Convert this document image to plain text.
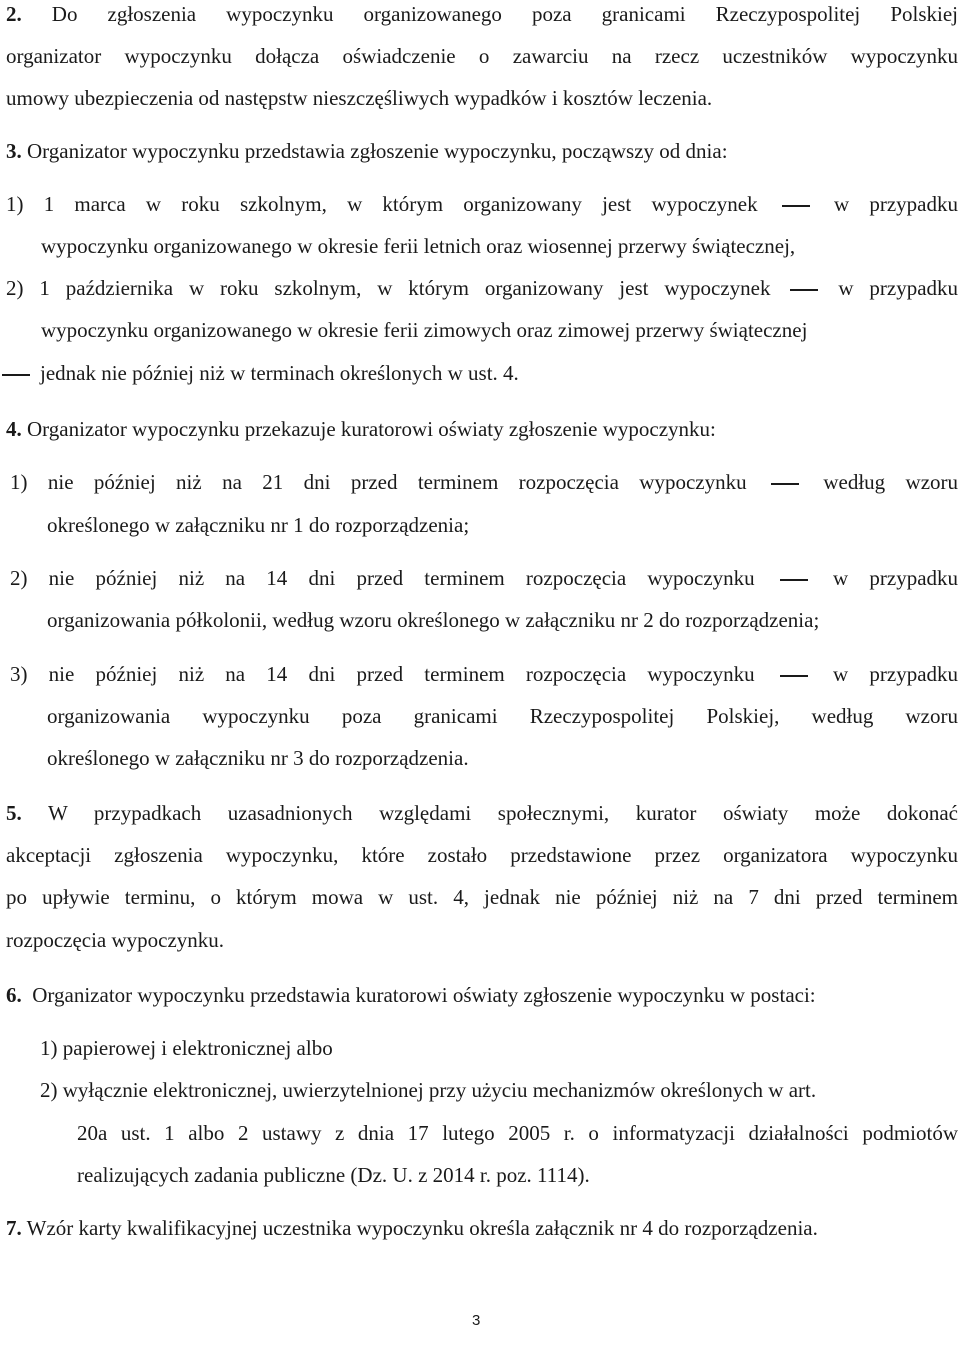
2. Do zgłoszenia wypoczynku organizowanego poza granicami Rzeczypospolitej Polskiej
organizator wypoczynku dołącza oświadczenie o zawarciu na rzecz uczestników wypoczynku
umowy ubezpieczenia od następstw nieszczęśliwych wypadków i kosztów leczenia.
3. Organizator wypoczynku przedstawia zgłoszenie wypoczynku, począwszy od dnia:
1) 1 marca w roku szkolnym, w którym organizowany jest wypoczynek	w przypadku
wypoczynku organizowanego w okresie ferii letnich oraz wiosennej przerwy świątecznej,
2) 1 października w roku szkolnym, w którym organizowany jest wypoczynek	w przypadku
wypoczynku organizowanego w okresie ferii zimowych oraz zimowej przerwy świątecznej
jednak nie później niż w terminach określonych w ust. 4.
4. Organizator wypoczynku przekazuje kuratorowi oświaty zgłoszenie wypoczynku:
1) nie później niż na 21 dni przed terminem rozpoczęcia wypoczynku	według wzoru
określonego w załączniku nr 1 do rozporządzenia;
2) nie później niż na 14 dni przed terminem rozpoczęcia wypoczynku	w przypadku
organizowania półkolonii, według wzoru określonego w załączniku nr 2 do rozporządzenia;
3) nie później niż na 14 dni przed terminem rozpoczęcia wypoczynku	w przypadku
organizowania wypoczynku poza granicami Rzeczypospolitej Polskiej, według wzoru
określonego w załączniku nr 3 do rozporządzenia.
5. W przypadkach uzasadnionych względami społecznymi, kurator oświaty może dokonać
akceptacji zgłoszenia wypoczynku, które zostało przedstawione przez organizatora wypoczynku
po upływie terminu, o którym mowa w ust. 4, jednak nie później niż na 7 dni przed terminem
rozpoczęcia wypoczynku.
6. Organizator wypoczynku przedstawia kuratorowi oświaty zgłoszenie wypoczynku w postaci:
1) papierowej i elektronicznej albo
2) wyłącznie elektronicznej, uwierzytelnionej przy użyciu mechanizmów określonych w art.
20a ust. 1 albo 2 ustawy z dnia 17 lutego 2005 r. o informatyzacji działalności podmiotów
realizujących zadania publiczne (Dz. U. z 2014 r. poz. 1114).
7. Wzór karty kwalifikacyjnej uczestnika wypoczynku określa załącznik nr 4 do rozporządzenia.
3
